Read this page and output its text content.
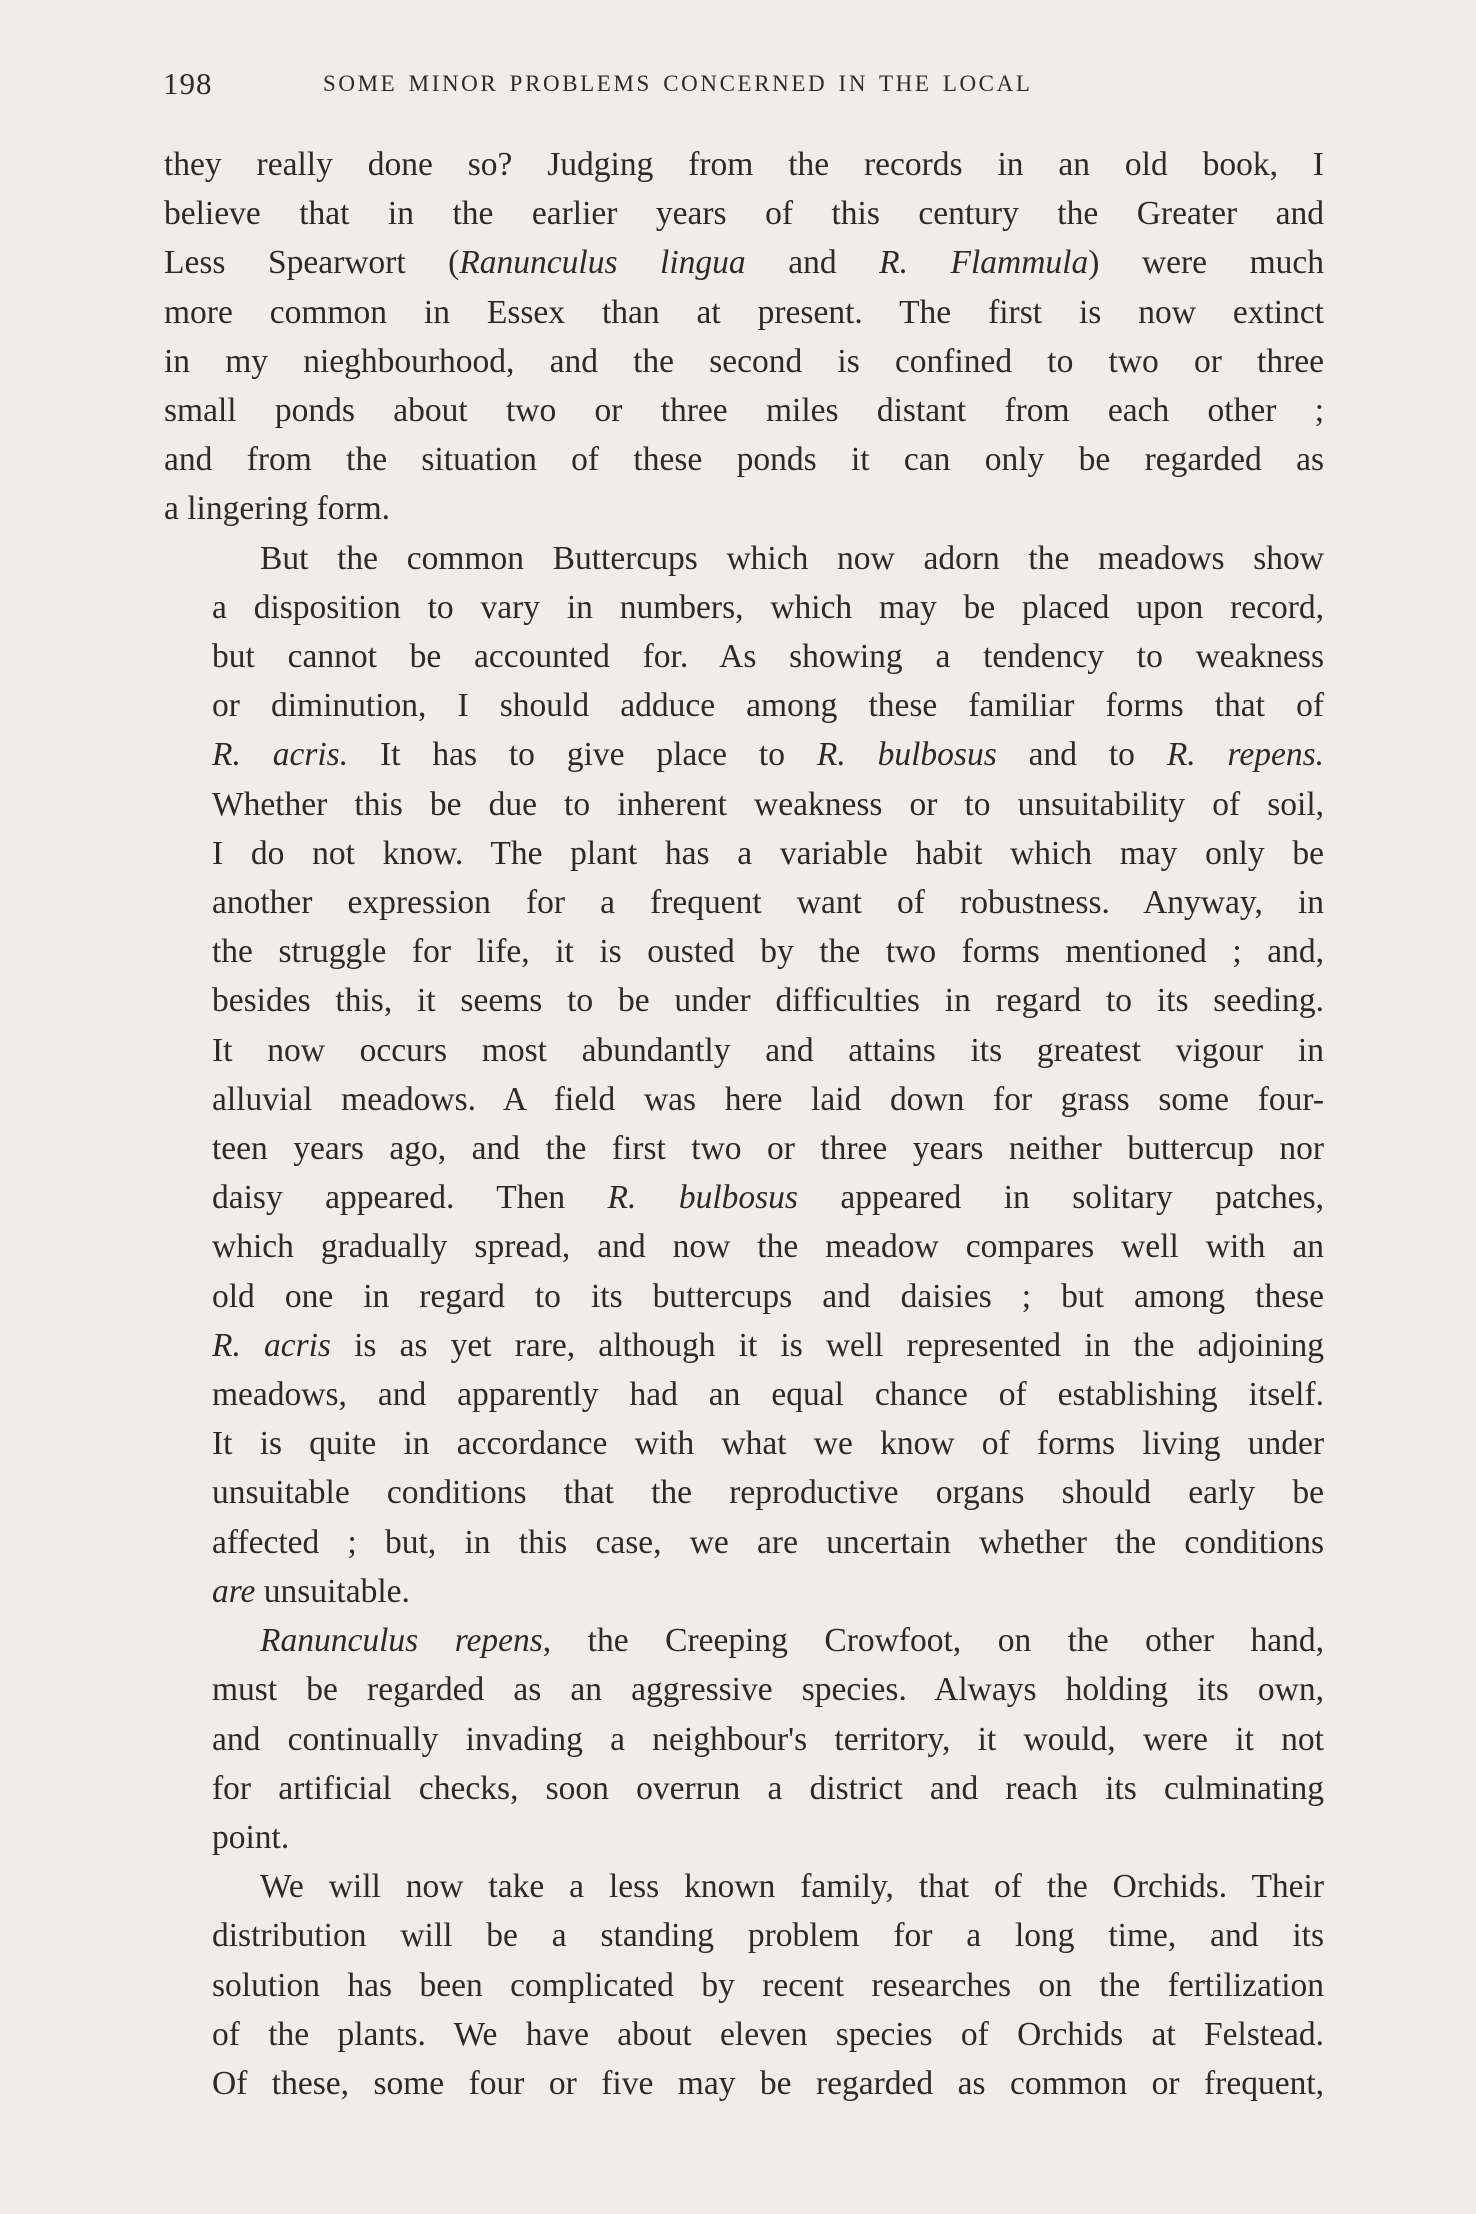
198	SOME MINOR PROBLEMS CONCERNED IN THE LOCAL
they really done so? Judging from the records in an old book, I
believe that in the earlier years of this century the Greater and
Less Spearwort (Ranunculus lingua and R. Flammula) were much
more common in Essex than at present. The first is now extinct
in my nieghbourhood, and the second is confined to two or three
small ponds about two or three miles distant from each other ;
and from the situation of these ponds it can only be regarded as
a lingering form.
But the common Buttercups which now adorn the meadows show
a disposition to vary in numbers, which may be placed upon record,
but cannot be accounted for. As showing a tendency to weakness
or diminution, I should adduce among these familiar forms that of
R. acris. It has to give place to R. bulbosus and to R. repens.
Whether this be due to inherent weakness or to unsuitability of soil,
I do not know. The plant has a variable habit which may only be
another expression for a frequent want of robustness. Anyway, in
the struggle for life, it is ousted by the two forms mentioned ; and,
besides this, it seems to be under difficulties in regard to its seeding.
It now occurs most abundantly and attains its greatest vigour in
alluvial meadows. A field was here laid down for grass some four-
teen years ago, and the first two or three years neither buttercup nor
daisy appeared. Then R. bulbosus appeared in solitary patches,
which gradually spread, and now the meadow compares well with an
old one in regard to its buttercups and daisies ; but among these
R. acris is as yet rare, although it is well represented in the adjoining
meadows, and apparently had an equal chance of establishing itself.
It is quite in accordance with what we know of forms living under
unsuitable conditions that the reproductive organs should early be
affected ; but, in this case, we are uncertain whether the conditions
are unsuitable.
Ranunculus repens, the Creeping Crowfoot, on the other hand,
must be regarded as an aggressive species. Always holding its own,
and continually invading a neighbour's territory, it would, were it not
for artificial checks, soon overrun a district and reach its culminating
point.
We will now take a less known family, that of the Orchids. Their
distribution will be a standing problem for a long time, and its
solution has been complicated by recent researches on the fertilization
of the plants. We have about eleven species of Orchids at Felstead.
Of these, some four or five may be regarded as common or frequent,
